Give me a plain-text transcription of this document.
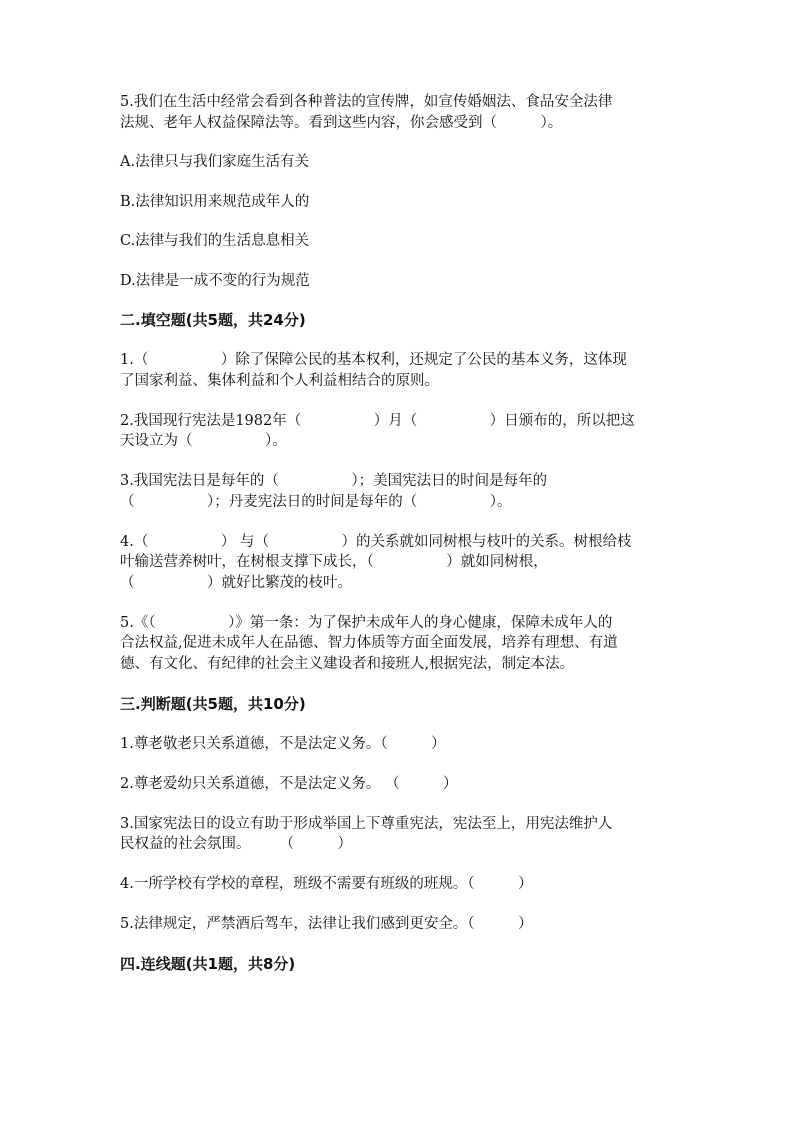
5.我们在生活中经常会看到各种普法的宣传牌，如宣传婚姻法、食品安全法律

法规、老年人权益保障法等。看到这些内容，你会感受到（　　　）。

A.法律只与我们家庭生活有关

B.法律知识用来规范成年人的

C.法律与我们的生活息息相关

D.法律是一成不变的行为规范

二.填空题(共5题，共24分)

1.（　　　　　）除了保障公民的基本权利，还规定了公民的基本义务，这体现

了国家利益、集体利益和个人利益相结合的原则。

2.我国现行宪法是1982年（　　　　　）月（　　　　　）日颁布的，所以把这

天设立为（　　　　　）。

3.我国宪法日是每年的（　　　　　）；美国宪法日的时间是每年的

（　　　　　）；丹麦宪法日的时间是每年的（　　　　　）。

4.（　　　　　） 与（　　　　　）的关系就如同树根与枝叶的关系。树根给枝

叶输送营养树叶，在树根支撑下成长，（　　　　　）就如同树根，

（　　　　　）就好比繁茂的枝叶。

5.《（　　　　　）》第一条：为了保护未成年人的身心健康，保障未成年人的

合法权益,促进未成年人在品德、智力体质等方面全面发展，培养有理想、有道

德、有文化、有纪律的社会主义建设者和接班人,根据宪法，制定本法。

三.判断题(共5题，共10分)

1.尊老敬老只关系道德，不是法定义务。（　　　）

2.尊老爱幼只关系道德，不是法定义务。 （　　　）

3.国家宪法日的设立有助于形成举国上下尊重宪法，宪法至上，用宪法维护人

民权益的社会氛围。　　　（　　　）

4.一所学校有学校的章程，班级不需要有班级的班规。（　　　）

5.法律规定，严禁酒后驾车，法律让我们感到更安全。（　　　）

四.连线题(共1题，共8分)
